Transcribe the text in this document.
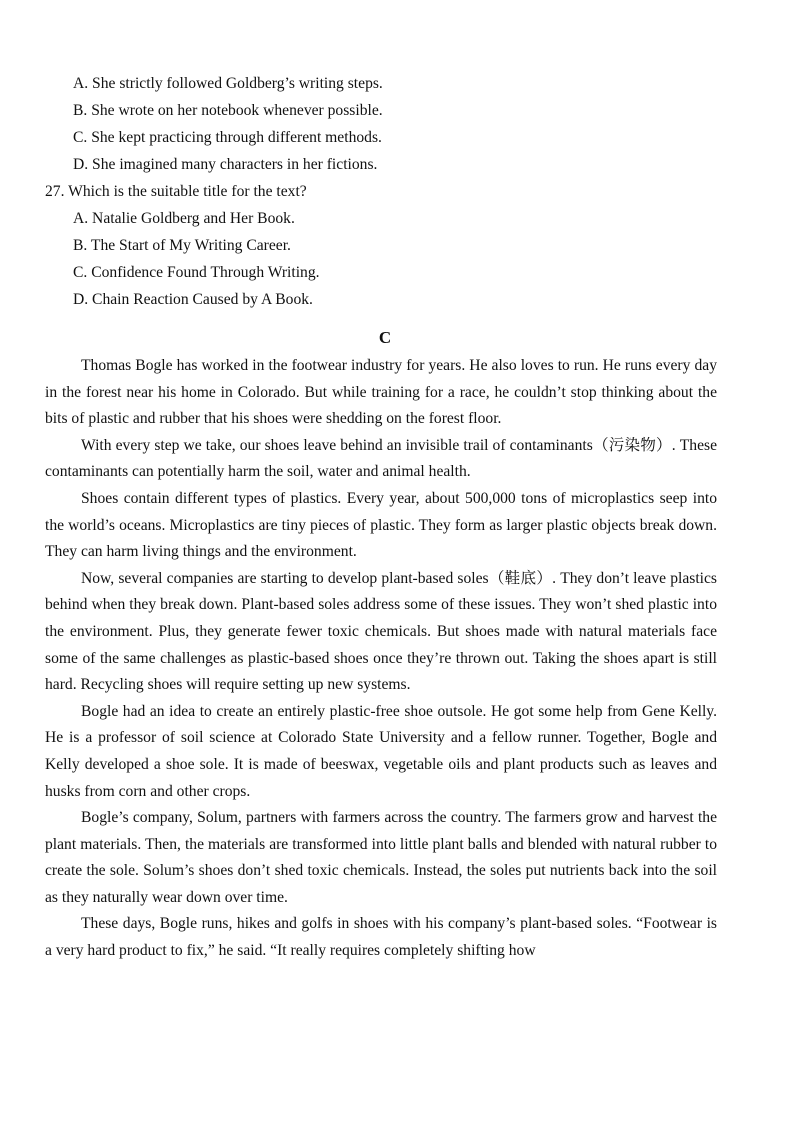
A. She strictly followed Goldberg’s writing steps.
B. She wrote on her notebook whenever possible.
C. She kept practicing through different methods.
D. She imagined many characters in her fictions.
27. Which is the suitable title for the text?
A. Natalie Goldberg and Her Book.
B. The Start of My Writing Career.
C. Confidence Found Through Writing.
D. Chain Reaction Caused by A Book.
C

Thomas Bogle has worked in the footwear industry for years. He also loves to run. He runs every day in the forest near his home in Colorado. But while training for a race, he couldn’t stop thinking about the bits of plastic and rubber that his shoes were shedding on the forest floor.

With every step we take, our shoes leave behind an invisible trail of contaminants（污染物）. These contaminants can potentially harm the soil, water and animal health.

Shoes contain different types of plastics. Every year, about 500,000 tons of microplastics seep into the world’s oceans. Microplastics are tiny pieces of plastic. They form as larger plastic objects break down. They can harm living things and the environment.

Now, several companies are starting to develop plant-based soles（鞋底）. They don’t leave plastics behind when they break down. Plant-based soles address some of these issues. They won’t shed plastic into the environment. Plus, they generate fewer toxic chemicals. But shoes made with natural materials face some of the same challenges as plastic-based shoes once they’re thrown out. Taking the shoes apart is still hard. Recycling shoes will require setting up new systems.

Bogle had an idea to create an entirely plastic-free shoe outsole. He got some help from Gene Kelly. He is a professor of soil science at Colorado State University and a fellow runner. Together, Bogle and Kelly developed a shoe sole. It is made of beeswax, vegetable oils and plant products such as leaves and husks from corn and other crops.

Bogle’s company, Solum, partners with farmers across the country. The farmers grow and harvest the plant materials. Then, the materials are transformed into little plant balls and blended with natural rubber to create the sole. Solum’s shoes don’t shed toxic chemicals. Instead, the soles put nutrients back into the soil as they naturally wear down over time.

These days, Bogle runs, hikes and golfs in shoes with his company’s plant-based soles. “Footwear is a very hard product to fix,” he said. “It really requires completely shifting how
